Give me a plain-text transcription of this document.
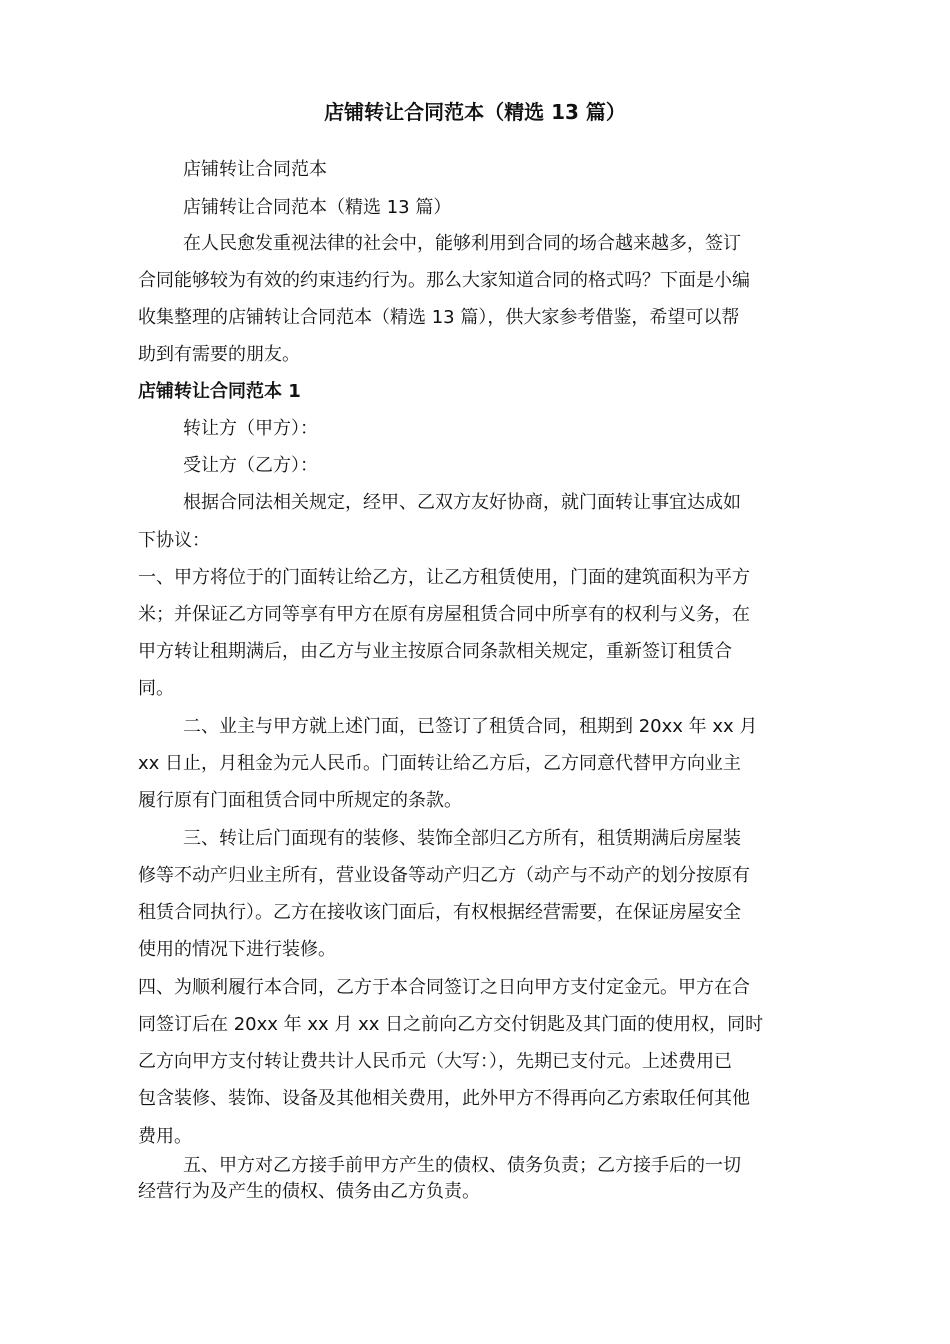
店铺转让合同范本（精选 13 篇）
店铺转让合同范本
店铺转让合同范本（精选 13 篇）
在人民愈发重视法律的社会中，能够利用到合同的场合越来越多，签订
合同能够较为有效的约束违约行为。那么大家知道合同的格式吗？下面是小编
收集整理的店铺转让合同范本（精选 13 篇），供大家参考借鉴，希望可以帮
助到有需要的朋友。
店铺转让合同范本 1
转让方（甲方）：
受让方（乙方）：
根据合同法相关规定，经甲、乙双方友好协商，就门面转让事宜达成如
下协议：
一、甲方将位于的门面转让给乙方，让乙方租赁使用，门面的建筑面积为平方
米；并保证乙方同等享有甲方在原有房屋租赁合同中所享有的权利与义务，在
甲方转让租期满后，由乙方与业主按原合同条款相关规定，重新签订租赁合
同。
二、业主与甲方就上述门面，已签订了租赁合同，租期到 20xx 年 xx 月
xx 日止，月租金为元人民币。门面转让给乙方后，乙方同意代替甲方向业主
履行原有门面租赁合同中所规定的条款。
三、转让后门面现有的装修、装饰全部归乙方所有，租赁期满后房屋装
修等不动产归业主所有，营业设备等动产归乙方（动产与不动产的划分按原有
租赁合同执行）。乙方在接收该门面后，有权根据经营需要，在保证房屋安全
使用的情况下进行装修。
四、为顺利履行本合同，乙方于本合同签订之日向甲方支付定金元。甲方在合
同签订后在 20xx 年 xx 月 xx 日之前向乙方交付钥匙及其门面的使用权，同时
乙方向甲方支付转让费共计人民币元（大写：），先期已支付元。上述费用已
包含装修、装饰、设备及其他相关费用，此外甲方不得再向乙方索取任何其他
费用。
五、甲方对乙方接手前甲方产生的债权、债务负责；乙方接手后的一切
经营行为及产生的债权、债务由乙方负责。
